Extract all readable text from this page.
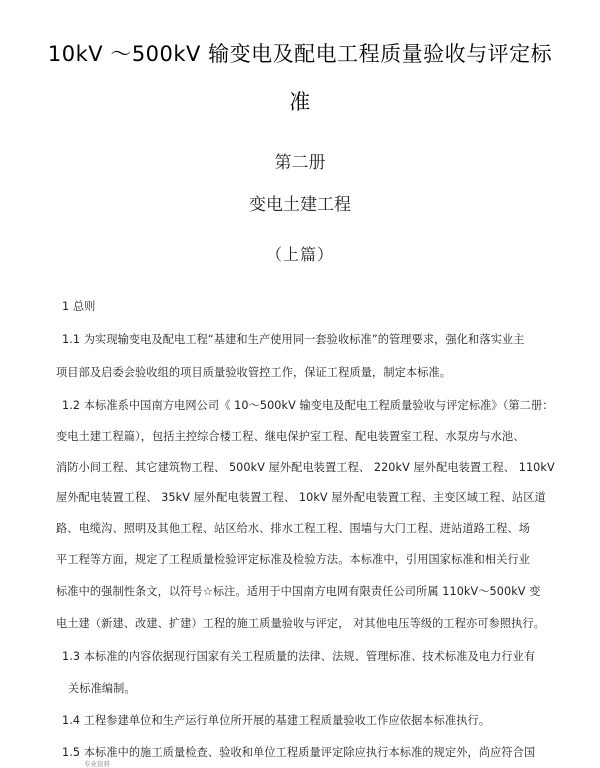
10kV ～500kV 输变电及配电工程质量验收与评定标
准
第二册
变电土建工程
（上篇）
1 总则
1.1 为实现输变电及配电工程“基建和生产使用同一套验收标准”的管理要求，强化和落实业主
项目部及启委会验收组的项目质量验收管控工作，保证工程质量，制定本标准。
1.2 本标准系中国南方电网公司《 10～500kV 输变电及配电工程质量验收与评定标准》（第二册：
变电土建工程篇），包括主控综合楼工程、继电保护室工程、配电装置室工程、水泵房与水池、
消防小间工程、其它建筑物工程、 500kV 屋外配电装置工程、 220kV 屋外配电装置工程、 110kV
屋外配电装置工程、 35kV 屋外配电装置工程、 10kV 屋外配电装置工程、主变区域工程、站区道
路、电缆沟、照明及其他工程、站区给水、排水工程工程、围墙与大门工程、进站道路工程、场
平工程等方面，规定了工程质量检验评定标准及检验方法。本标准中，引用国家标准和相关行业
标准中的强制性条文，以符号☆标注。适用于中国南方电网有限责任公司所属 110kV～500kV 变
电土建（新建、改建、扩建）工程的施工质量验收与评定， 对其他电压等级的工程亦可参照执行。
1.3 本标准的内容依据现行国家有关工程质量的法律、法规、管理标准、技术标准及电力行业有
关标准编制。
1.4 工程参建单位和生产运行单位所开展的基建工程质量验收工作应依据本标准执行。
1.5 本标准中的施工质量检查、验收和单位工程质量评定除应执行本标准的规定外，尚应符合国
专业资料
